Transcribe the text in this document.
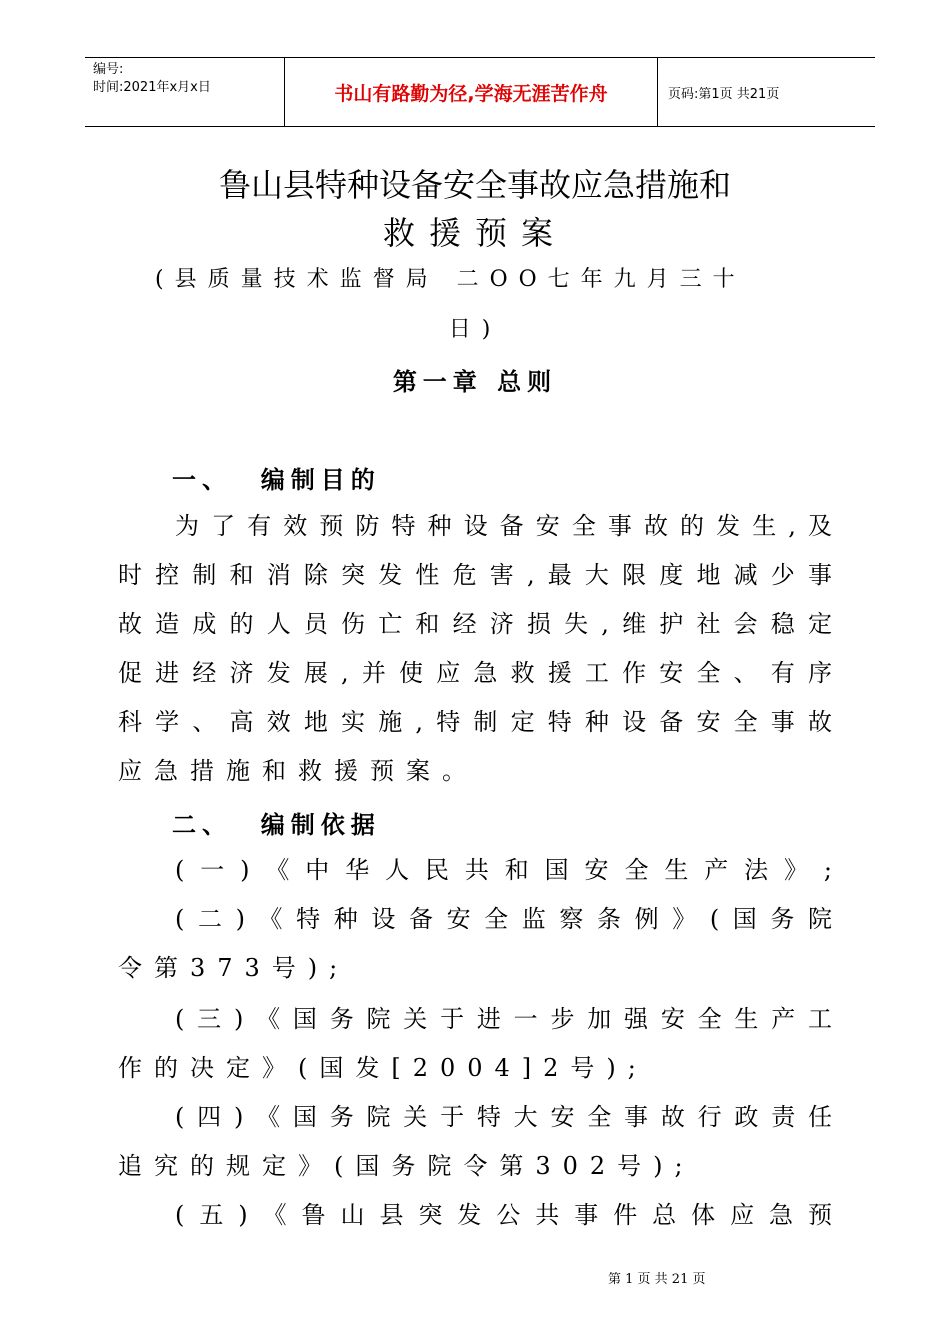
编号:
时间:2021年x月x日	书山有路勤为径,学海无涯苦作舟	页码:第1页 共21页
鲁山县特种设备安全事故应急措施和
救援预案
(县质量技术监督局 二OO七年九月三十
日)
第一章 总则
一、  编制目的
为了有效预防特种设备安全事故的发生,及
时控制和消除突发性危害,最大限度地减少事
故造成的人员伤亡和经济损失,维护社会稳定
促进经济发展,并使应急救援工作安全、有序
科学、高效地实施,特制定特种设备安全事故
应急措施和救援预案。
二、  编制依据
(一)《中华人民共和国安全生产法》;
(二)《特种设备安全监察条例》(国务院
令第373号);
(三)《国务院关于进一步加强安全生产工
作的决定》(国发[2004]2号);
(四)《国务院关于特大安全事故行政责任
追究的规定》(国务院令第302号);
(五)《鲁山县突发公共事件总体应急预
第 1 页 共 21 页
